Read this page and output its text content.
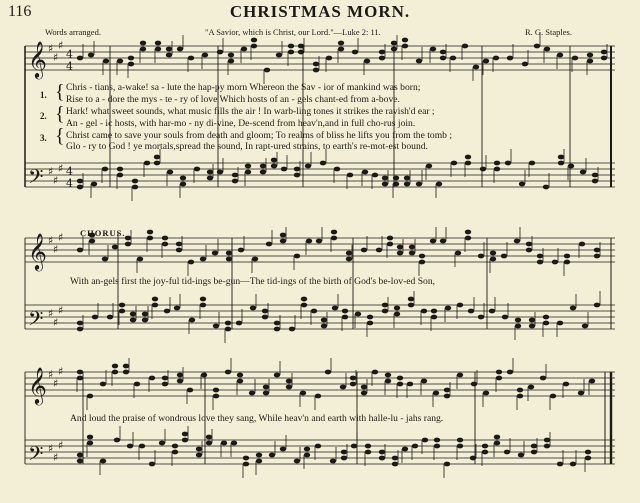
116	CHRISTMAS MORN.
Words arranged.	"A Savior, which is Christ, our Lord."—Luke 2: 11.	R. G. Staples.
𝄞 ♯
♯
♯
4
4
𝄢 ♯
♯
♯ 4
4
𝄞 ♯
♯
♯
𝄢 ♯
♯
♯
𝄞 ♯
♯
♯
𝄢 ♯
♯
♯
1.
2.
3.
{
{
{
Chris - tians, a-wake! sa - lute the hap-py morn Whereon the Sav - ior of mankind was born;
Rise to a - dore the mys - te - ry of love Which hosts of an - gels chant-ed from a-bove.
Hark! what sweet sounds, what music fills the air ! In warb-ling tones it strikes the ravish'd ear ;
An - gel - ic hosts, with har-mo - ny di-vine, De-scend from heav'n,and in full cho-rus join.
Christ came to save your souls from death and gloom; To realms of bliss he lifts you from the tomb ;
Glo - ry to God ! ye mortals,spread the sound, In rapt-ured strains, to earth's re-mot-est bound.
CHORUS.
With an-gels first the joy-ful tid-ings be-gun—The tid-ings of the birth of God's be-lov-ed Son,
And loud the praise of wondrous love they sang, While heav'n and earth with halle-lu - jahs rang.
